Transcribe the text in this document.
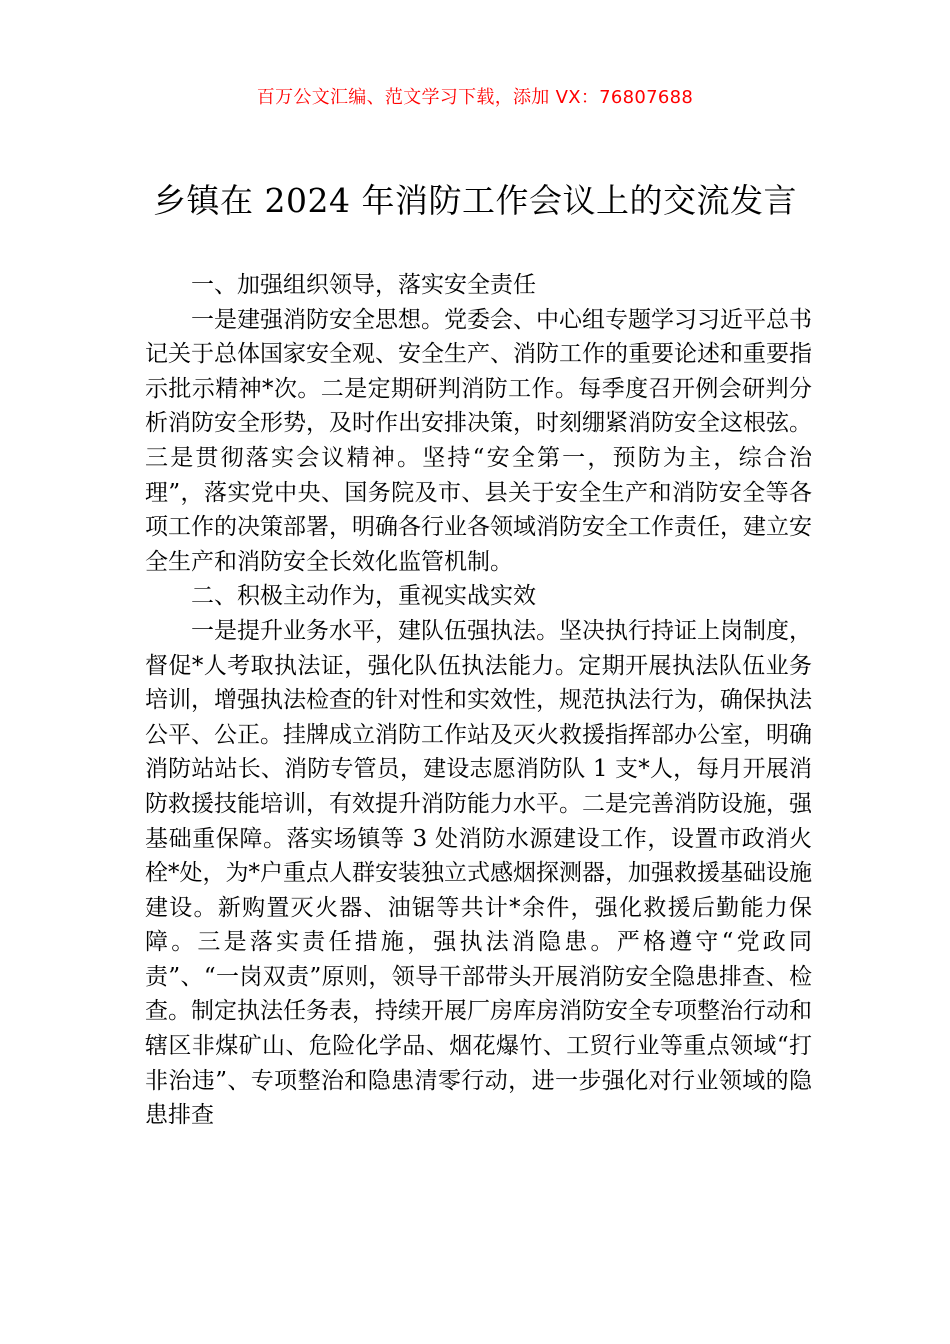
百万公文汇编、范文学习下载，添加 VX：76807688
乡镇在 2024 年消防工作会议上的交流发言

一、加强组织领导，落实安全责任

一是建强消防安全思想。党委会、中心组专题学习习近平总书记关于总体国家安全观、安全生产、消防工作的重要论述和重要指示批示精神*次。二是定期研判消防工作。每季度召开例会研判分析消防安全形势，及时作出安排决策，时刻绷紧消防安全这根弦。三是贯彻落实会议精神。坚持“安全第一，预防为主，综合治理”，落实党中央、国务院及市、县关于安全生产和消防安全等各项工作的决策部署，明确各行业各领域消防安全工作责任，建立安全生产和消防安全长效化监管机制。

二、积极主动作为，重视实战实效

一是提升业务水平，建队伍强执法。坚决执行持证上岗制度，督促*人考取执法证，强化队伍执法能力。定期开展执法队伍业务培训，增强执法检查的针对性和实效性，规范执法行为，确保执法公平、公正。挂牌成立消防工作站及灭火救援指挥部办公室，明确消防站站长、消防专管员，建设志愿消防队 1 支*人，每月开展消防救援技能培训，有效提升消防能力水平。二是完善消防设施，强基础重保障。落实场镇等 3 处消防水源建设工作，设置市政消火栓*处，为*户重点人群安装独立式感烟探测器，加强救援基础设施建设。新购置灭火器、油锯等共计*余件，强化救援后勤能力保障。三是落实责任措施，强执法消隐患。严格遵守“党政同责”、“一岗双责”原则，领导干部带头开展消防安全隐患排查、检查。制定执法任务表，持续开展厂房库房消防安全专项整治行动和辖区非煤矿山、危险化学品、烟花爆竹、工贸行业等重点领域“打非治违”、专项整治和隐患清零行动，进一步强化对行业领域的隐患排查
